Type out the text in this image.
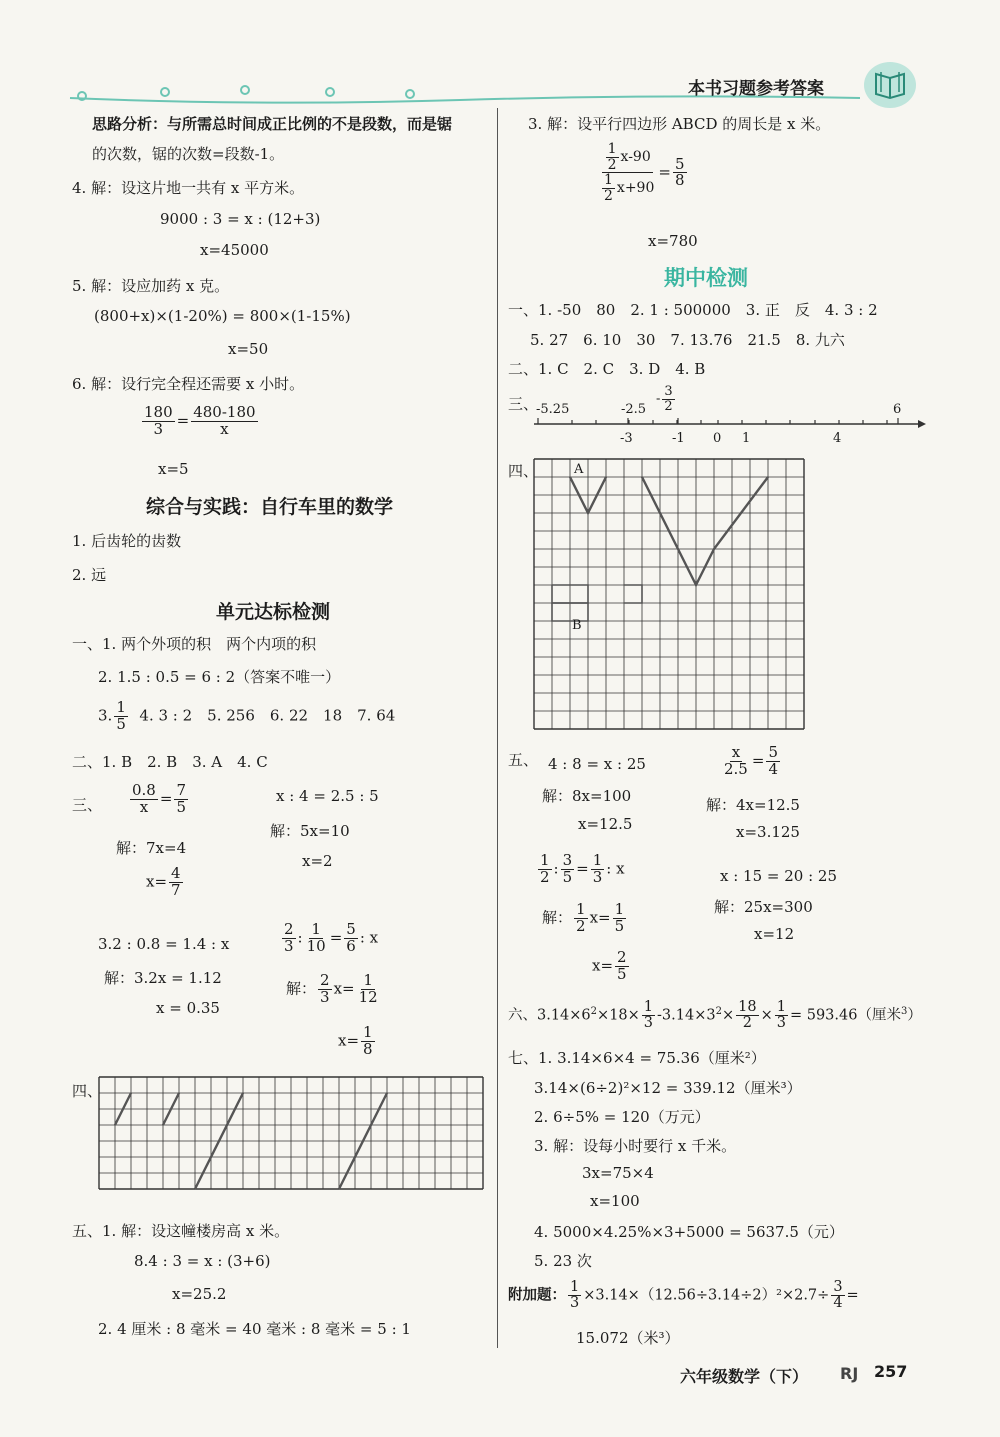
本书习题参考答案
思路分析：与所需总时间成正比例的不是段数，而是锯
的次数，锯的次数=段数-1。
4. 解：设这片地一共有 x 平方米。
9000 : 3 = x : (12+3)
x=45000
5. 解：设应加药 x 克。
(800+x)×(1-20%) = 800×(1-15%)
x=50
6. 解：设行完全程还需要 x 小时。
$\frac{180}{3} = \frac{480-180}{x}$
x=5
综合与实践：自行车里的数学
1. 后齿轮的齿数
2. 远
单元达标检测
一、1. 两个外项的积　两个内项的积
2. 1.5 : 0.5 = 6 : 2（答案不唯一）
3. $\frac{1}{5} 4$. 3 : 2　5. 256　6. 22　18　7. 64
二、1. B　2. B　3. A　4. C
三、 $\frac{0.8}{x} = \frac{7}{5}$
解：7x=4
$x= \frac{4}{7}$
x : 4 = 2.5 : 5
解：5x=10
x=2
3.2 : 0.8 = 1.4 : x
解：3.2x = 1.12
x = 0.35
$\frac{2}{3}$ : $\frac{1}{10} = \frac{5}{6}$ : x
解： $\frac{2}{3} x= \frac{1}{12}$
$x= \frac{1}{8}$
四、
五、1. 解：设这幢楼房高 x 米。
8.4 : 3 = x : (3+6)
x=25.2
2. 4 厘米 : 8 毫米 = 40 毫米 : 8 毫米 = 5 : 1
3. 解：设平行四边形 ABCD 的周长是 x 米。
$\frac{\frac{1}{2} x-90}{\frac{1}{2} x+90} = \frac{5}{8}$
x=780
期中检测
一、1. -50　80　2. 1 : 500000　3. 正　反　4. 3 : 2
5. 27　6. 10　30　7. 13.76　21.5　8. 九六
二、1. C　2. C　3. D　4. B
三、
-5.25	-2.5
- $\frac{3}{2}$	6
-3	-1 0 1	4
四、	A
B
五、 4 : 8 = x : 25
解：8x=100
x=12.5
$\frac{x}{2.5} = \frac{5}{4}$
解：4x=12.5
x=3.125
$\frac{1}{2}$ : $\frac{3}{5} = \frac{1}{3}$ : x
解： $\frac{1}{2} x= \frac{1}{5}$
$x= \frac{2}{5}$
x : 15 = 20 : 25
解：25x=300
x=12
六、$3.14\times 6^2\times 18\times \frac{1}{3} -3.14\times 3^2\times \frac{18}{2} \times \frac{1}{3} = 593.46$（厘米$^3$）
七、1. 3.14×6×4 = 75.36（厘米²）
3.14×(6÷2)²×12 = 339.12（厘米³）
2. 6÷5% = 120（万元）
3. 解：设每小时要行 x 千米。
3x=75×4
x=100
4. 5000×4.25%×3+5000 = 5637.5（元）
5. 23 次
附加题： $\frac{1}{3} \times 3.14\times(12.56\div 3.14\div 2)^2\times 2.7\div \frac{3}{4}$ =
15.072（米³）
六年级数学（下） RJ 257
